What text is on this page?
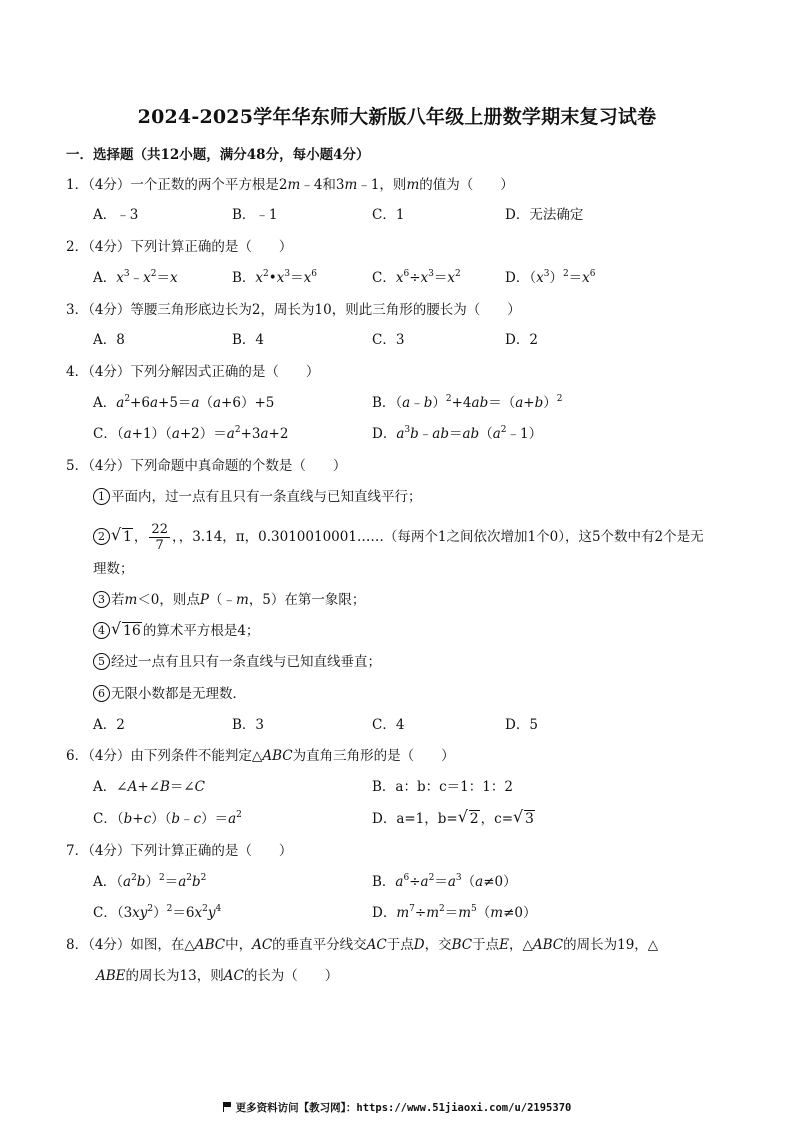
2024-2025学年华东师大新版八年级上册数学期末复习试卷
一．选择题（共12小题，满分48分，每小题4分）
1．（4分）一个正数的两个平方根是2m﹣4和3m﹣1，则m的值为（　　）
A．﹣3	B．﹣1	C．1	D．无法确定
2．（4分）下列计算正确的是（　　）
A．$x^3﹣x^2=x$	B．$x^2•x^3=x^6$	C．$x^6\div x^3=x^2$	D．$(x^3)^2=x^6$
3．（4分）等腰三角形底边长为2，周长为10，则此三角形的腰长为（　　）
A．8	B．4	C．3	D．2
4．（4分）下列分解因式正确的是（　　）
A．$a^2+6a+5=a(a+6)+5$	B．$(a﹣b)^2+4ab=(a+b)^2$
C．$(a+1)(a+2)=a^2+3a+2$	D．$a^3b﹣ab=ab(a^2﹣1)$
5．（4分）下列命题中真命题的个数是（　　）
1 平面内，过一点有且只有一条直线与已知直线平行；
2 √ 1 ， $\frac{22}{7}$ ，，3.14，π，0.3010010001……（每两个1之间依次增加1个0），这5个数中有2个是无
理数；
3 若m＜0，则点P（﹣m，5）在第一象限；
4 √ 16 的算术平方根是4；
5 经过一点有且只有一条直线与已知直线垂直；
6 无限小数都是无理数．
A．2	B．3	C．4	D．5
6．（4分）由下列条件不能判定△ABC为直角三角形的是（　　）
A．∠A+∠B＝∠C	B．a：b：c＝1：1：2
C．$(b+c)(b﹣c)=a^2$	D．a=1，b= √ 2 ，c= √ 3
7．（4分）下列计算正确的是（　　）
A．$(a^2b)^2=a^2b^2$	B．$a^6\div a^2=a^3(a\ne 0)$
C．$(3xy^2)^2=6x^2y^4$	D．$m^7\div m^2=m^5(m\ne 0)$
8．（4分）如图，在△ABC中，AC的垂直平分线交AC于点D，交BC于点E，△ABC的周长为19，△
ABE的周长为13，则AC的长为（　　）
更多资料访问【教习网】：https://www.51jiaoxi.com/u/2195370
